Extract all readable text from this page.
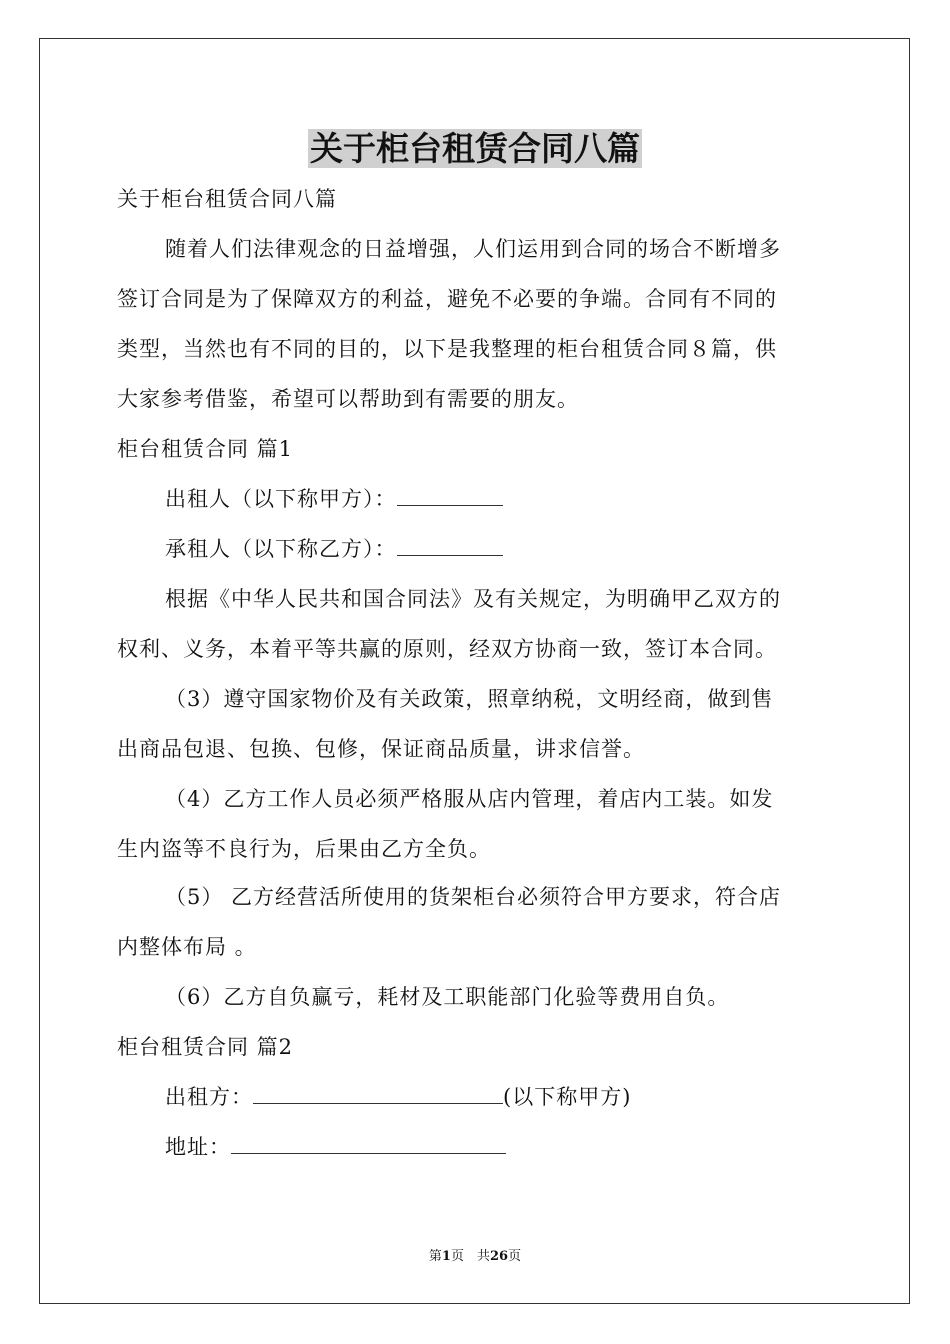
关于柜台租赁合同八篇
关于柜台租赁合同八篇
随着人们法律观念的日益增强，人们运用到合同的场合不断增多
签订合同是为了保障双方的利益，避免不必要的争端。合同有不同的
类型，当然也有不同的目的，以下是我整理的柜台租赁合同８篇，供
大家参考借鉴，希望可以帮助到有需要的朋友。
柜台租赁合同 篇1
出租人（以下称甲方）：
承租人（以下称乙方）：
根据《中华人民共和国合同法》及有关规定，为明确甲乙双方的
权利、义务，本着平等共赢的原则，经双方协商一致，签订本合同。
（3）遵守国家物价及有关政策，照章纳税，文明经商，做到售
出商品包退、包换、包修，保证商品质量，讲求信誉。
（4）乙方工作人员必须严格服从店内管理，着店内工装。如发
生内盗等不良行为，后果由乙方全负。
（5） 乙方经营活所使用的货架柜台必须符合甲方要求，符合店
内整体布局 。
（6）乙方自负赢亏，耗材及工职能部门化验等费用自负。
柜台租赁合同 篇2
出租方：	(以下称甲方)
地址：
第1页　共26页
